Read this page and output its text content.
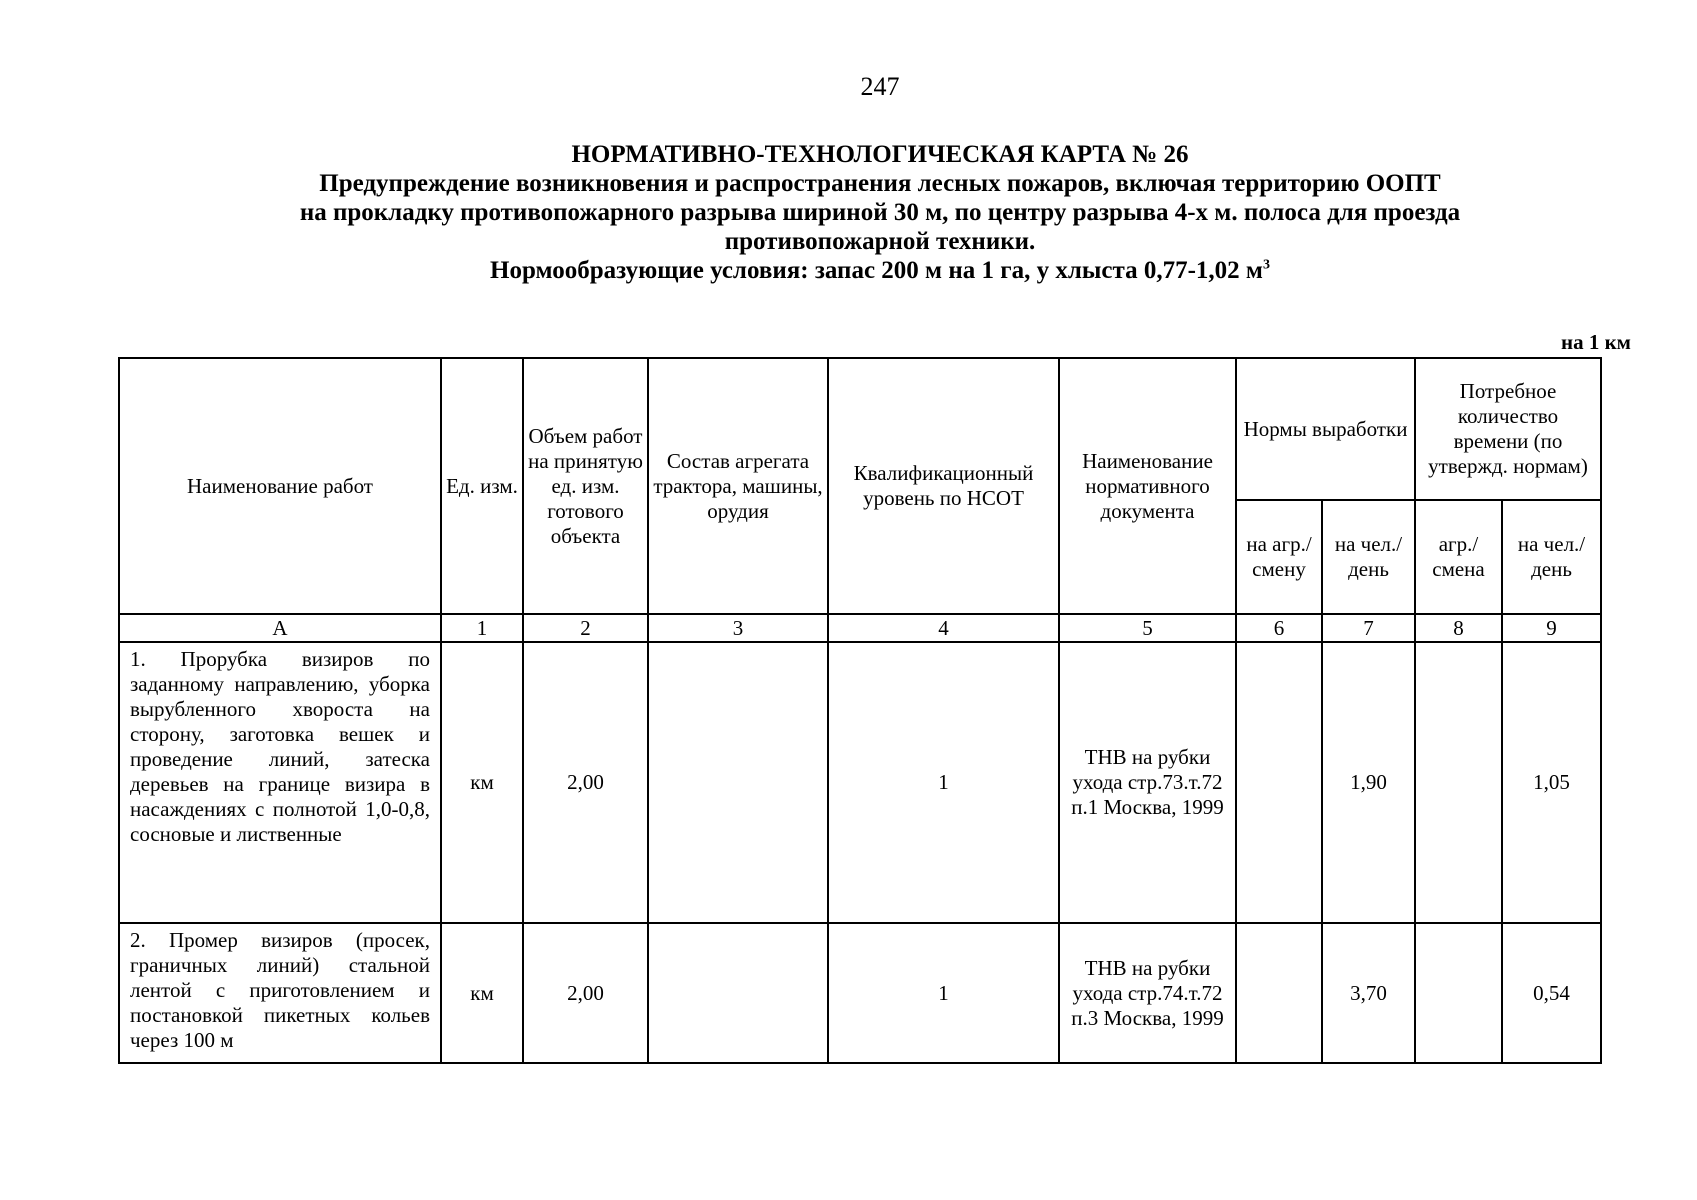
247
НОРМАТИВНО-ТЕХНОЛОГИЧЕСКАЯ КАРТА № 26
Предупреждение возникновения и распространения лесных пожаров, включая территорию ООПТ
на прокладку противопожарного разрыва шириной 30 м, по центру разрыва 4-х м. полоса для проезда
противопожарной техники.
Нормообразующие условия: запас 200 м на 1 га, у хлыста 0,77-1,02 $м^3$
на 1 км
Наименование работ	Ед. изм.	Объем работ на принятую ед. изм. готового объекта	Состав агрегата трактора, машины, орудия	Квалификационный уровень по НСОТ	Наименование нормативного документа	Нормы выработки		Потребное количество времени (по утвержд. нормам)	
						на агр./ смену	на чел./ день	агр./ смена	на чел./ день
А	1	2	3	4	5	6	7	8	9
1. Прорубка визиров по заданному направлению, уборка вырубленного хвороста на сторону, заготовка вешек и проведение линий, затеска деревьев на границе визира в насаждениях с полнотой 1,0-0,8, сосновые и лиственные	км	2,00		1	ТНВ на рубки ухода стр.73.т.72 п.1 Москва, 1999		1,90		1,05
2. Промер визиров (просек, граничных линий) стальной лентой с приготовлением и постановкой пикетных кольев через 100 м	км	2,00		1	ТНВ на рубки ухода стр.74.т.72 п.3 Москва, 1999		3,70		0,54
